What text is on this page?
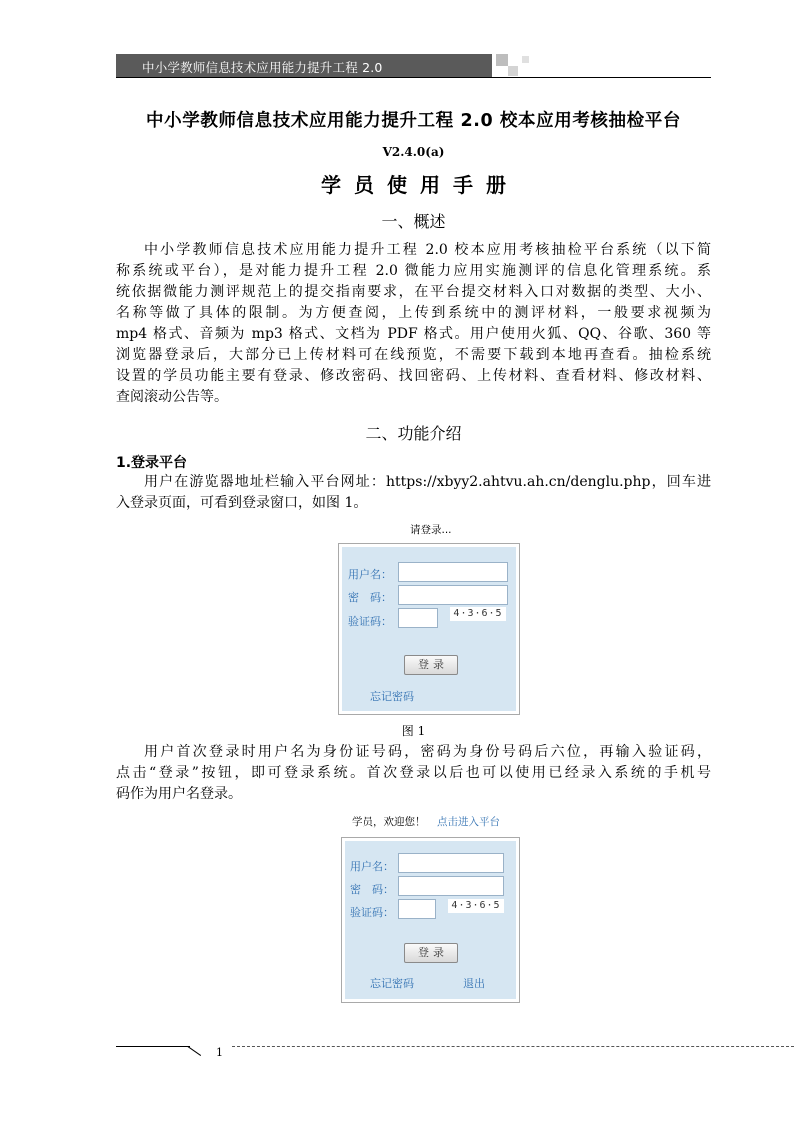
中小学教师信息技术应用能力提升工程 2.0
中小学教师信息技术应用能力提升工程 2.0 校本应用考核抽检平台
V2.4.0(a)
学员使用手册
一、概述
中小学教师信息技术应用能力提升工程 2.0 校本应用考核抽检平台系统（以下简
称系统或平台），是对能力提升工程 2.0 微能力应用实施测评的信息化管理系统。系
统依据微能力测评规范上的提交指南要求，在平台提交材料入口对数据的类型、大小、
名称等做了具体的限制。为方便查阅，上传到系统中的测评材料，一般要求视频为
mp4 格式、音频为 mp3 格式、文档为 PDF 格式。用户使用火狐、QQ、谷歌、360 等
浏览器登录后，大部分已上传材料可在线预览，不需要下载到本地再查看。抽检系统
设置的学员功能主要有登录、修改密码、找回密码、上传材料、查看材料、修改材料、
查阅滚动公告等。
二、功能介绍
1.登录平台
用户在游览器地址栏输入平台网址：https://xbyy2.ahtvu.ah.cn/denglu.php，回车进
入登录页面，可看到登录窗口，如图 1。
请登录...
用户名：
密　码：
验证码：
4·3·6·5
登录
忘记密码
图 1
用户首次登录时用户名为身份证号码，密码为身份号码后六位，再输入验证码，
点击“登录”按钮，即可登录系统。首次登录以后也可以使用已经录入系统的手机号
码作为用户名登录。
学员，欢迎您！ 点击进入平台
用户名：
密　码：
验证码：
4·3·6·5
登录
忘记密码	退出
1
